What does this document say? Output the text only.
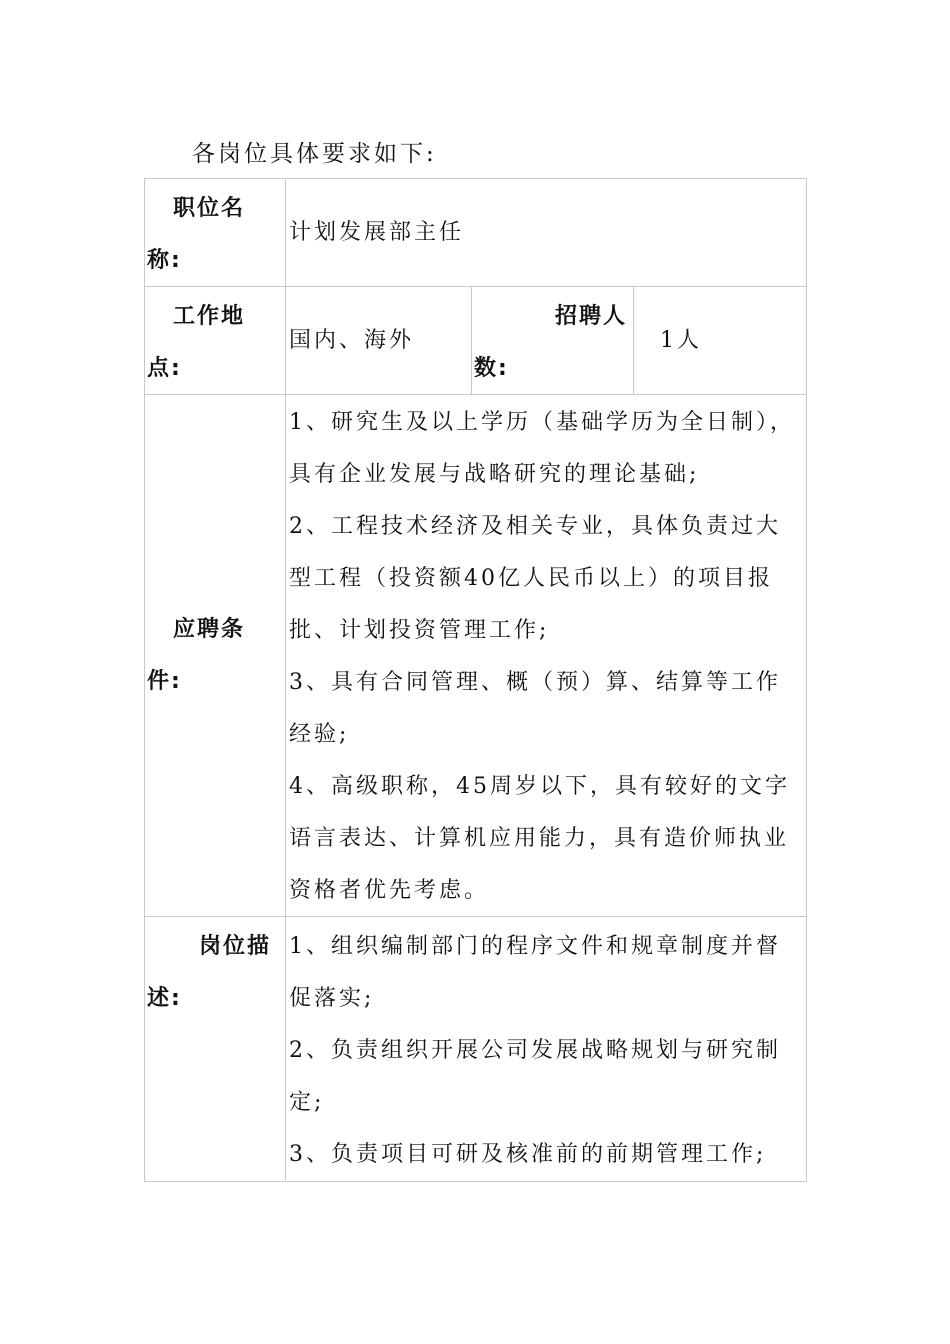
各岗位具体要求如下:
职位名
称:
计划发展部主任
工作地
点:
国内、海外
招聘人
数:
1人
应聘条
件:

1、研究生及以上学历（基础学历为全日制），具有企业发展与战略研究的理论基础;

2、工程技术经济及相关专业，具体负责过大型工程（投资额40亿人民币以上）的项目报批、计划投资管理工作;

3、具有合同管理、概（预）算、结算等工作经验;

4、高级职称，45周岁以下，具有较好的文字语言表达、计算机应用能力，具有造价师执业资格者优先考虑。

岗位描
述:

1、组织编制部门的程序文件和规章制度并督促落实;

2、负责组织开展公司发展战略规划与研究制定;

3、负责项目可研及核准前的前期管理工作;
